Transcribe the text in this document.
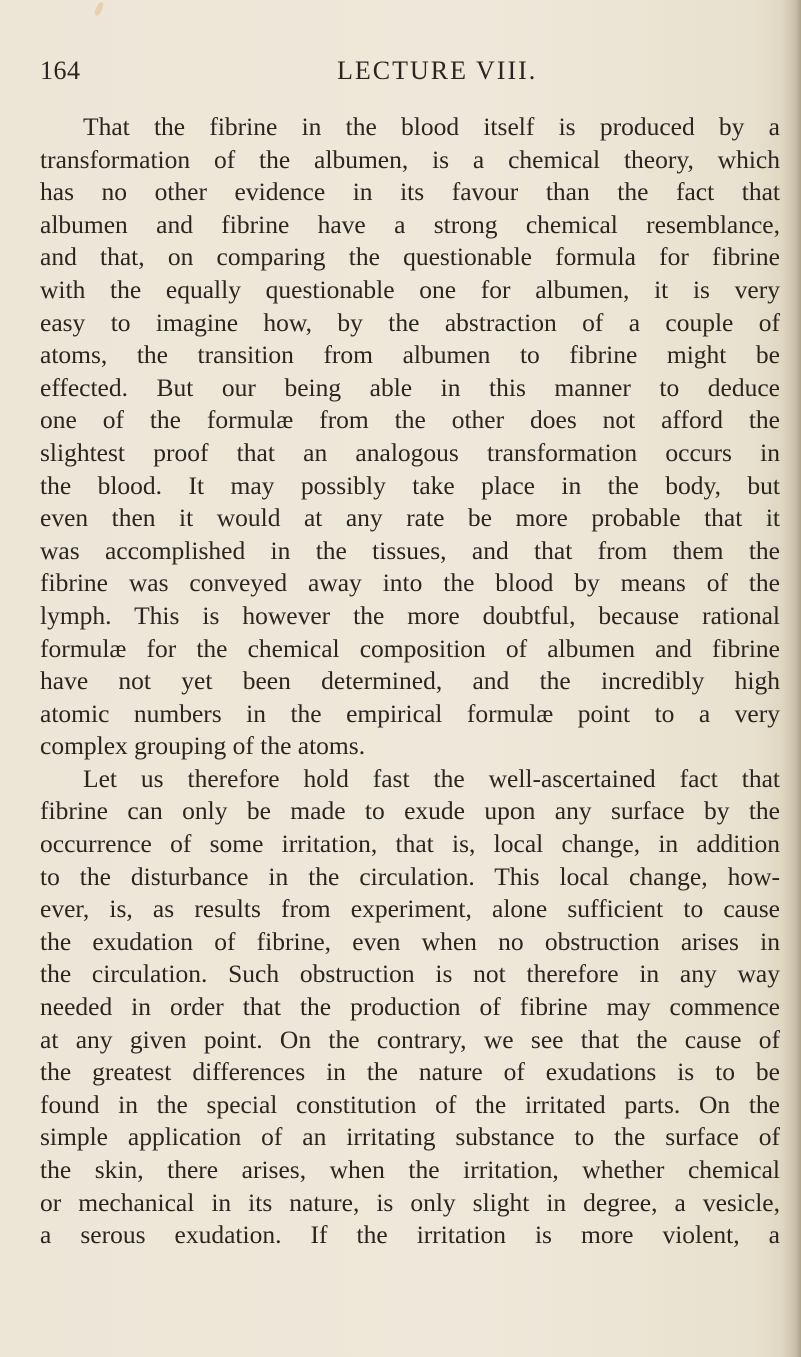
164	LECTURE VIII.
That the fibrine in the blood itself is produced by a
transformation of the albumen, is a chemical theory, which
has no other evidence in its favour than the fact that
albumen and fibrine have a strong chemical resemblance,
and that, on comparing the questionable formula for fibrine
with the equally questionable one for albumen, it is very
easy to imagine how, by the abstraction of a couple of
atoms, the transition from albumen to fibrine might be
effected. But our being able in this manner to deduce
one of the formulæ from the other does not afford the
slightest proof that an analogous transformation occurs in
the blood. It may possibly take place in the body, but
even then it would at any rate be more probable that it
was accomplished in the tissues, and that from them the
fibrine was conveyed away into the blood by means of the
lymph. This is however the more doubtful, because rational
formulæ for the chemical composition of albumen and fibrine
have not yet been determined, and the incredibly high
atomic numbers in the empirical formulæ point to a very
complex grouping of the atoms.
Let us therefore hold fast the well-ascertained fact that
fibrine can only be made to exude upon any surface by the
occurrence of some irritation, that is, local change, in addition
to the disturbance in the circulation. This local change, how-
ever, is, as results from experiment, alone sufficient to cause
the exudation of fibrine, even when no obstruction arises in
the circulation. Such obstruction is not therefore in any way
needed in order that the production of fibrine may commence
at any given point. On the contrary, we see that the cause of
the greatest differences in the nature of exudations is to be
found in the special constitution of the irritated parts. On the
simple application of an irritating substance to the surface of
the skin, there arises, when the irritation, whether chemical
or mechanical in its nature, is only slight in degree, a vesicle,
a serous exudation. If the irritation is more violent, a
